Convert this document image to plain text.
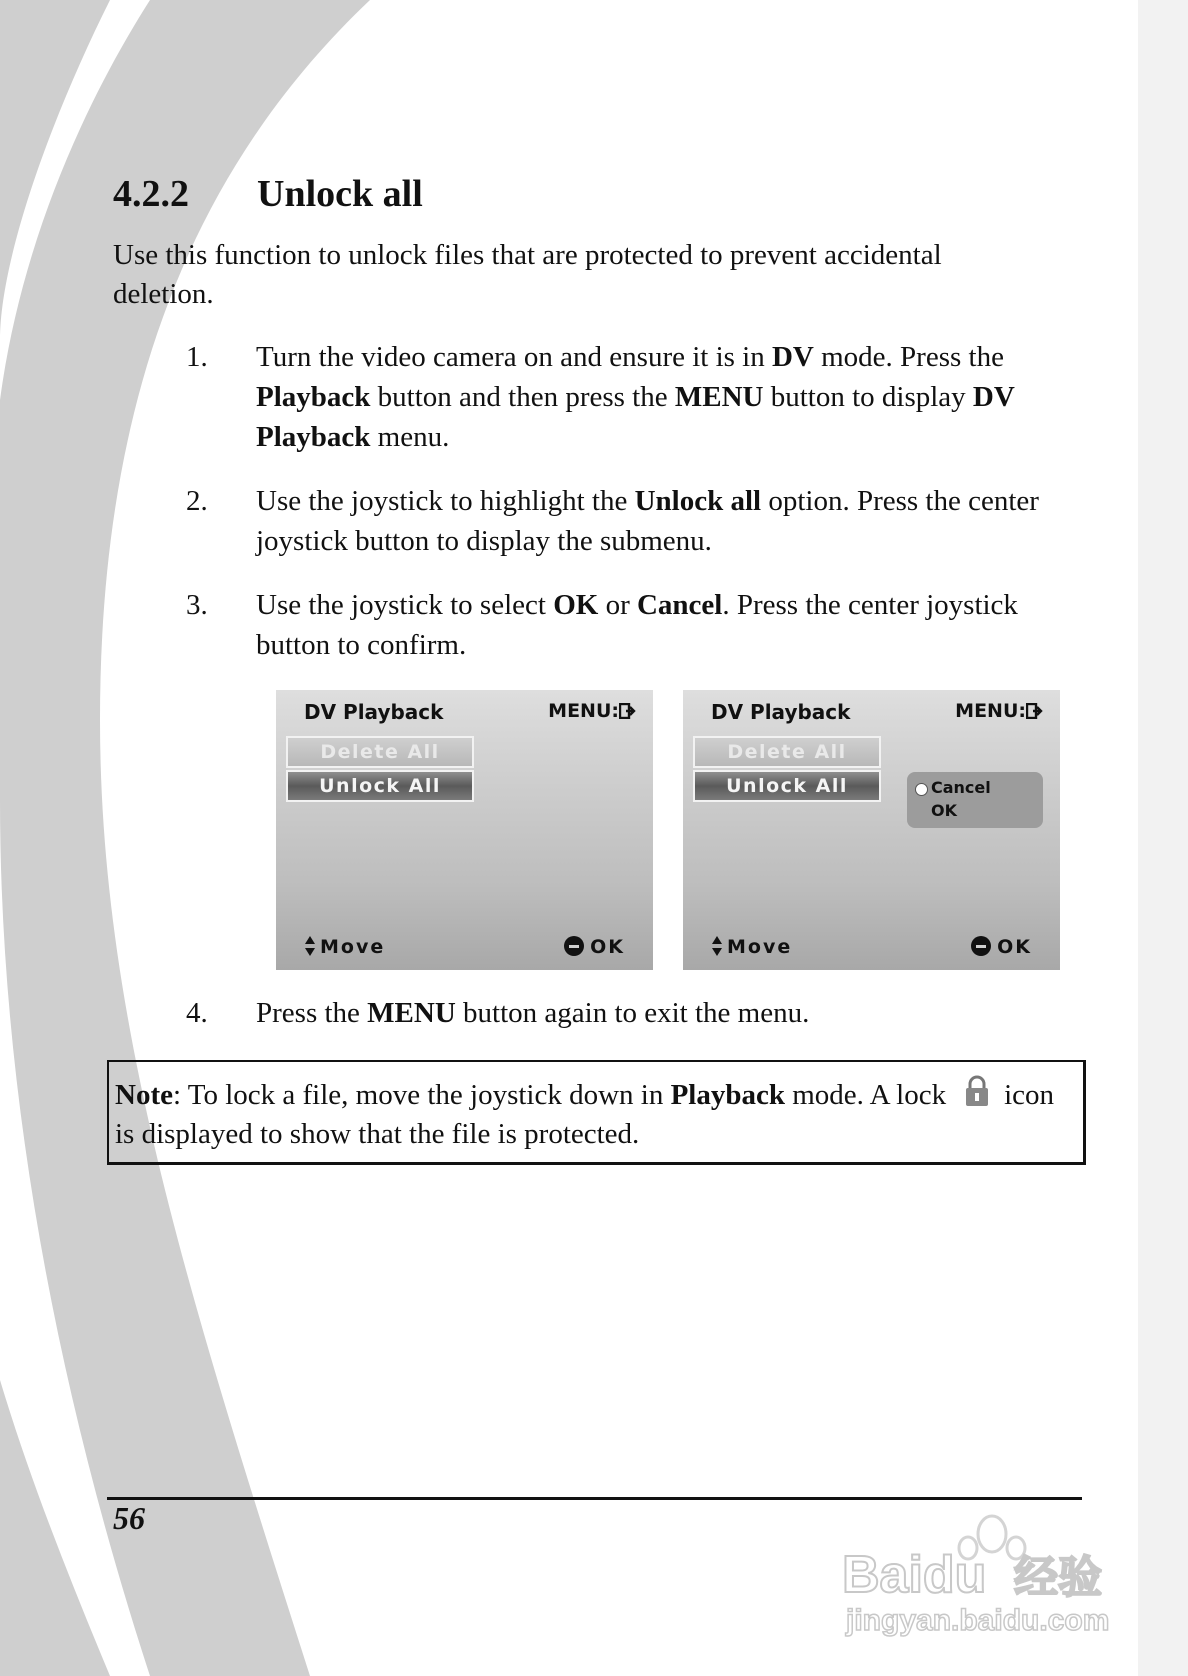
4.2.2 Unlock all

Use this function to unlock files that are protected to prevent accidental deletion.

1. Turn the video camera on and ensure it is in DV mode. Press the Playback button and then press the MENU button to display DV Playback menu.
2. Use the joystick to highlight the Unlock all option. Press the center joystick button to display the submenu.
3. Use the joystick to select OK or Cancel. Press the center joystick button to confirm.
DV Playback	MENU:
Delete All
Unlock All
Move	OK
DV Playback	MENU:
Delete All
Unlock All	Cancel
OK
Move	OK
4. Press the MENU button again to exit the menu.
Note: To lock a file, move the joystick down in Playback mode. A lock icon is displayed to show that the file is protected.
56
Baidu 经验
jingyan.baidu.com
